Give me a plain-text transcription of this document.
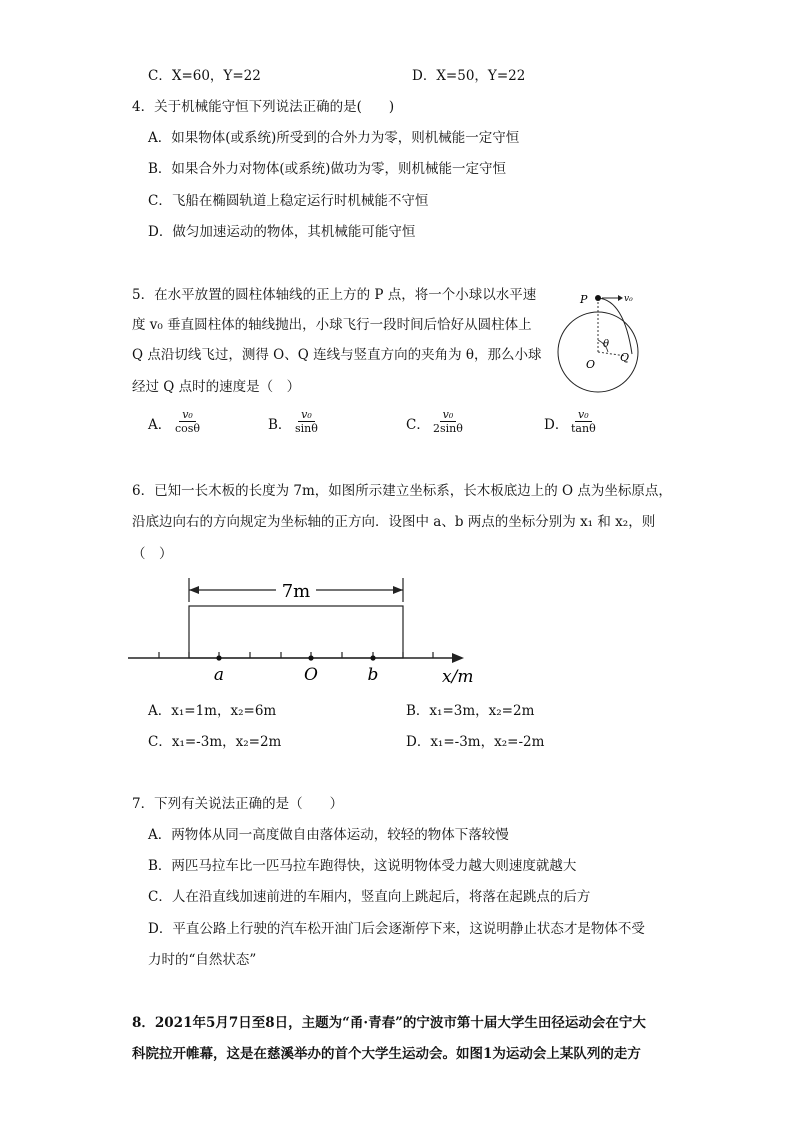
C．X=60，Y=22	D．X=50，Y=22
4．关于机械能守恒下列说法正确的是(　　)
A．如果物体(或系统)所受到的合外力为零，则机械能一定守恒
B．如果合外力对物体(或系统)做功为零，则机械能一定守恒
C．飞船在椭圆轨道上稳定运行时机械能不守恒
D．做匀加速运动的物体，其机械能可能守恒
5．在水平放置的圆柱体轴线的正上方的 P 点，将一个小球以水平速
度 v₀ 垂直圆柱体的轴线抛出，小球飞行一段时间后恰好从圆柱体上
Q 点沿切线飞过，测得 O、Q 连线与竖直方向的夹角为 θ，那么小球
经过 Q 点时的速度是（　）
A． $\frac{\text{v₀}}{\cos\theta}$	B． $\frac{\text{v₀}}{\sin\theta}$	C． $\frac{\text{v₀}}{2\sin\theta}$	D． $\frac{\text{v₀}}{\tan\theta}$
P	v₀
θ
O
Q
6．已知一长木板的长度为 7m，如图所示建立坐标系，长木板底边上的 O 点为坐标原点，
沿底边向右的方向规定为坐标轴的正方向．设图中 a、b 两点的坐标分别为 x₁ 和 x₂，则
（　）
7m
a	O	b	x/m
A．x₁=1m，x₂=6m	B．x₁=3m，x₂=2m
C．x₁=-3m，x₂=2m	D．x₁=-3m，x₂=-2m
7．下列有关说法正确的是（　　）
A．两物体从同一高度做自由落体运动，较轻的物体下落较慢
B．两匹马拉车比一匹马拉车跑得快，这说明物体受力越大则速度就越大
C．人在沿直线加速前进的车厢内，竖直向上跳起后，将落在起跳点的后方
D．平直公路上行驶的汽车松开油门后会逐渐停下来，这说明静止状态才是物体不受
力时的“自然状态”
8．2021年5月7日至8日，主题为“甬·青春”的宁波市第十届大学生田径运动会在宁大
科院拉开帷幕，这是在慈溪举办的首个大学生运动会。如图1为运动会上某队列的走方
